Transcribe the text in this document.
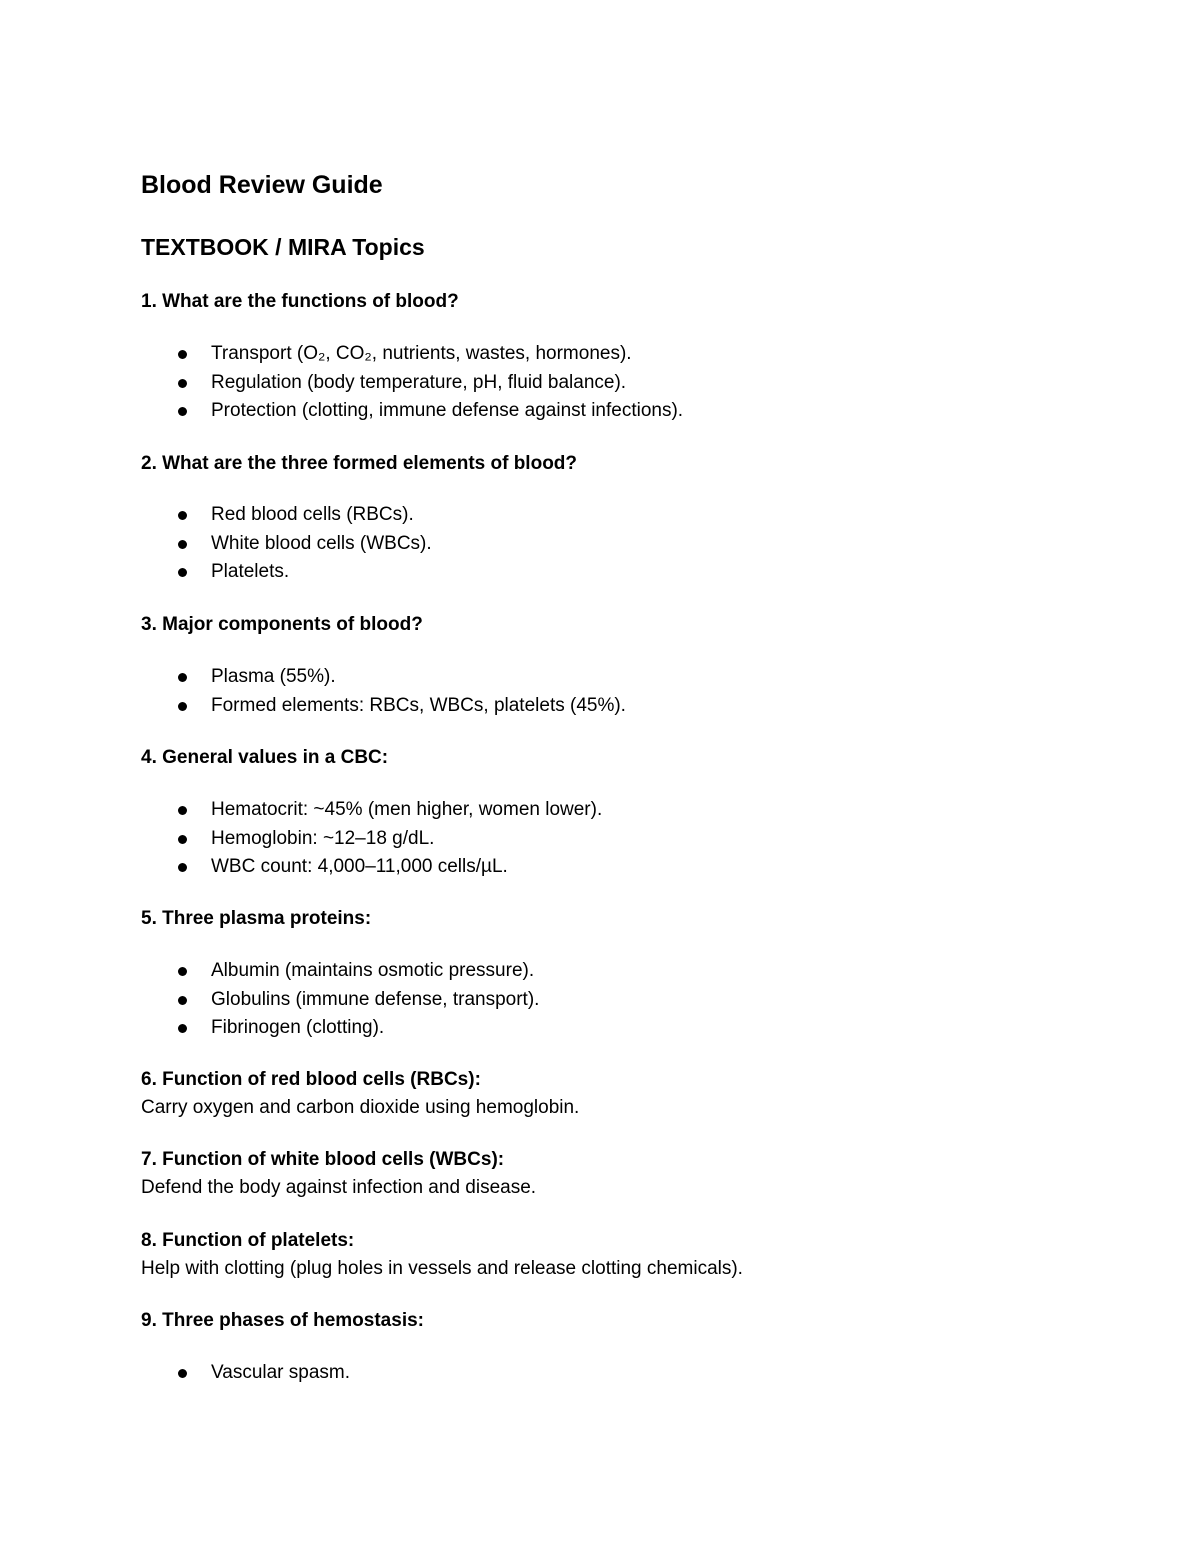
Blood Review Guide
TEXTBOOK / MIRA Topics

1. What are the functions of blood?

Transport (O₂, CO₂, nutrients, wastes, hormones).
Regulation (body temperature, pH, fluid balance).
Protection (clotting, immune defense against infections).

2. What are the three formed elements of blood?

Red blood cells (RBCs).
White blood cells (WBCs).
Platelets.

3. Major components of blood?

Plasma (55%).
Formed elements: RBCs, WBCs, platelets (45%).

4. General values in a CBC:

Hematocrit: ~45% (men higher, women lower).
Hemoglobin: ~12–18 g/dL.
WBC count: 4,000–11,000 cells/µL.

5. Three plasma proteins:

Albumin (maintains osmotic pressure).
Globulins (immune defense, transport).
Fibrinogen (clotting).

6. Function of red blood cells (RBCs):

Carry oxygen and carbon dioxide using hemoglobin.

7. Function of white blood cells (WBCs):

Defend the body against infection and disease.

8. Function of platelets:

Help with clotting (plug holes in vessels and release clotting chemicals).

9. Three phases of hemostasis:

Vascular spasm.
